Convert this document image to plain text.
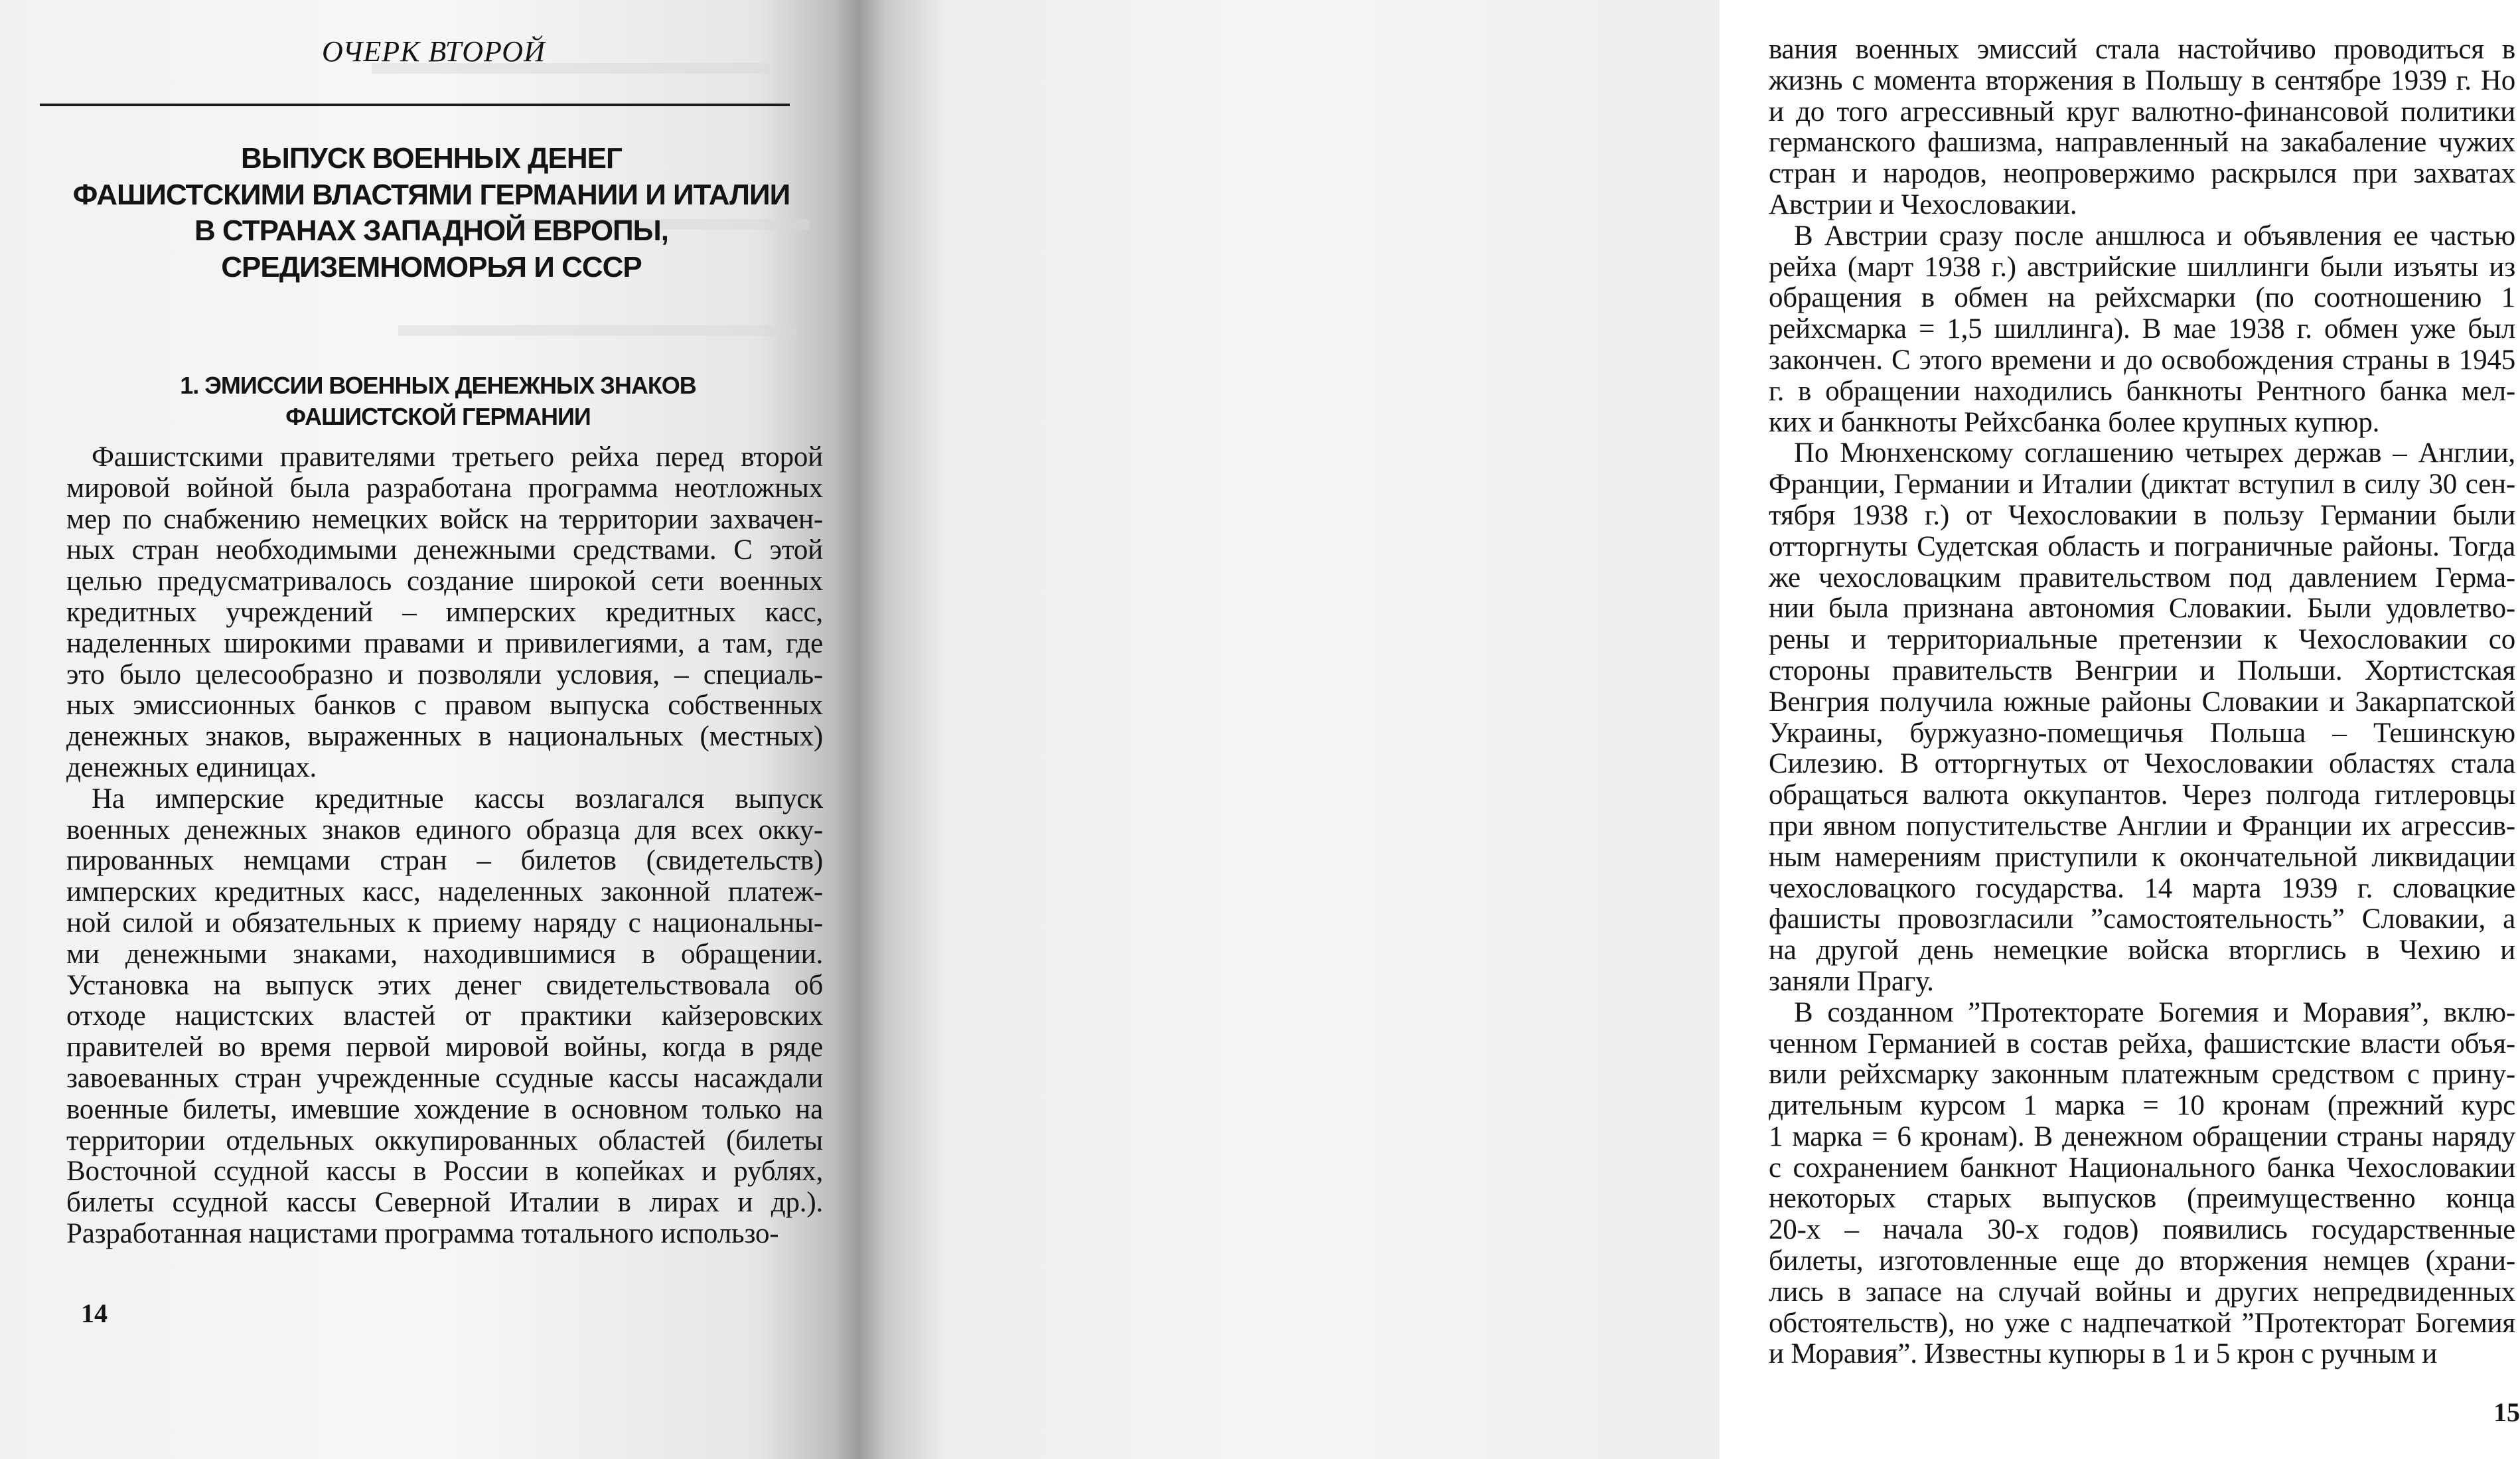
ОЧЕРК ВТОРОЙ
ВЫПУСК ВОЕННЫХ ДЕНЕГ
ФАШИСТСКИМИ ВЛАСТЯМИ ГЕРМАНИИ И ИТАЛИИ
В СТРАНАХ ЗАПАДНОЙ ЕВРОПЫ,
СРЕДИЗЕМНОМОРЬЯ И СССР
1. ЭМИССИИ ВОЕННЫХ ДЕНЕЖНЫХ ЗНАКОВ
ФАШИСТСКОЙ ГЕРМАНИИ
Фашистскими правителями третьего рейха перед второй
мировой войной была разработана программа неотложных
мер по снабжению немецких войск на территории захвачен-
ных стран необходимыми денежными средствами. С этой
целью предусматривалось создание широкой сети военных
кредитных учреждений – имперских кредитных касс,
наделенных широкими правами и привилегиями, а там, где
это было целесообразно и позволяли условия, – специаль-
ных эмиссионных банков с правом выпуска собственных
денежных знаков, выраженных в национальных (местных)
денежных единицах.
На имперские кредитные кассы возлагался выпуск
военных денежных знаков единого образца для всех окку-
пированных немцами стран – билетов (свидетельств)
имперских кредитных касс, наделенных законной платеж-
ной силой и обязательных к приему наряду с национальны-
ми денежными знаками, находившимися в обращении.
Установка на выпуск этих денег свидетельствовала об
отходе нацистских властей от практики кайзеровских
правителей во время первой мировой войны, когда в ряде
завоеванных стран учрежденные ссудные кассы насаждали
военные билеты, имевшие хождение в основном только на
территории отдельных оккупированных областей (билеты
Восточной ссудной кассы в России в копейках и рублях,
билеты ссудной кассы Северной Италии в лирах и др.).
Разработанная нацистами программа тотального использо-
14
вания военных эмиссий стала настойчиво проводиться в
жизнь с момента вторжения в Польшу в сентябре 1939 г. Но
и до того агрессивный круг валютно-финансовой политики
германского фашизма, направленный на закабаление чужих
стран и народов, неопровержимо раскрылся при захватах
Австрии и Чехословакии.
В Австрии сразу после аншлюса и объявления ее частью
рейха (март 1938 г.) австрийские шиллинги были изъяты из
обращения в обмен на рейхсмарки (по соотношению 1
рейхсмарка = 1,5 шиллинга). В мае 1938 г. обмен уже был
закончен. С этого времени и до освобождения страны в 1945
г. в обращении находились банкноты Рентного банка мел-
ких и банкноты Рейхсбанка более крупных купюр.
По Мюнхенскому соглашению четырех держав – Англии,
Франции, Германии и Италии (диктат вступил в силу 30 сен-
тября 1938 г.) от Чехословакии в пользу Германии были
отторгнуты Судетская область и пограничные районы. Тогда
же чехословацким правительством под давлением Герма-
нии была признана автономия Словакии. Были удовлетво-
рены и территориальные претензии к Чехословакии со
стороны правительств Венгрии и Польши. Хортистская
Венгрия получила южные районы Словакии и Закарпатской
Украины, буржуазно-помещичья Польша – Тешинскую
Силезию. В отторгнутых от Чехословакии областях стала
обращаться валюта оккупантов. Через полгода гитлеровцы
при явном попустительстве Англии и Франции их агрессив-
ным намерениям приступили к окончательной ликвидации
чехословацкого государства. 14 марта 1939 г. словацкие
фашисты провозгласили ”самостоятельность” Словакии, а
на другой день немецкие войска вторглись в Чехию и
заняли Прагу.
В созданном ”Протекторате Богемия и Моравия”, вклю-
ченном Германией в состав рейха, фашистские власти объя-
вили рейхсмарку законным платежным средством с прину-
дительным курсом 1 марка = 10 кронам (прежний курс
1 марка = 6 кронам). В денежном обращении страны наряду
с сохранением банкнот Национального банка Чехословакии
некоторых старых выпусков (преимущественно конца
20-х – начала 30-х годов) появились государственные
билеты, изготовленные еще до вторжения немцев (храни-
лись в запасе на случай войны и других непредвиденных
обстоятельств), но уже с надпечаткой ”Протекторат Богемия
и Моравия”. Известны купюры в 1 и 5 крон с ручным и
15
